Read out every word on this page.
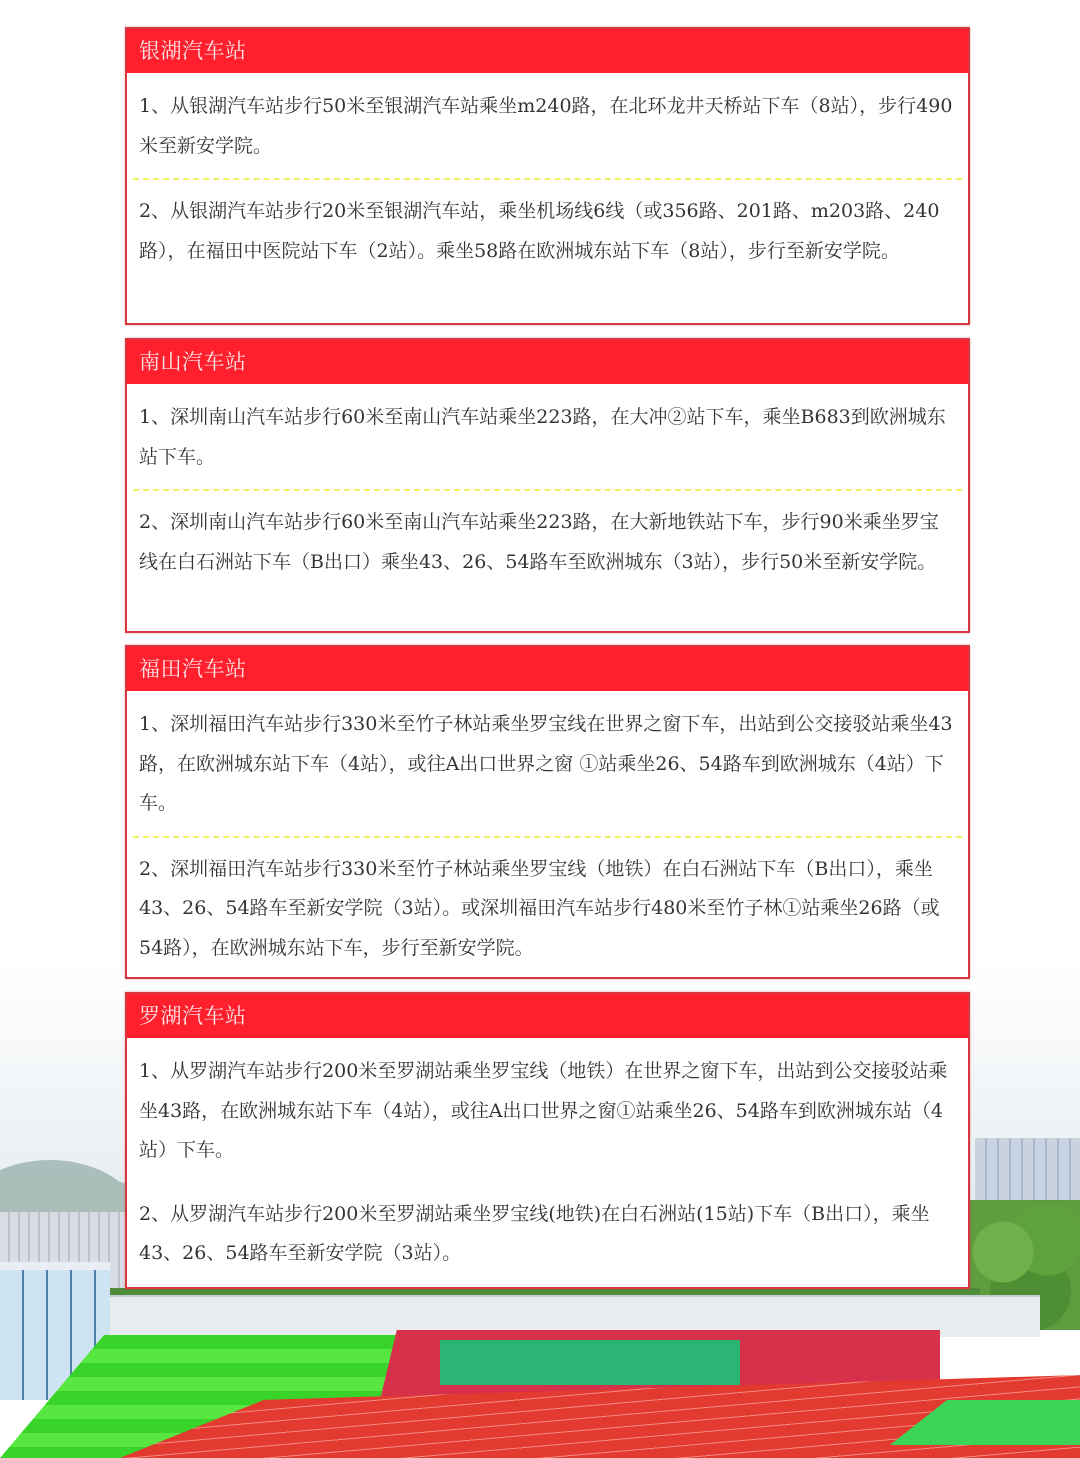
银湖汽车站
1、从银湖汽车站步行50米至银湖汽车站乘坐m240路，在北环龙井天桥站下车（8站），步行490米至新安学院。
2、从银湖汽车站步行20米至银湖汽车站，乘坐机场线6线（或356路、201路、m203路、240路），在福田中医院站下车（2站）。乘坐58路在欧洲城东站下车（8站），步行至新安学院。
南山汽车站
1、深圳南山汽车站步行60米至南山汽车站乘坐223路，在大冲②站下车，乘坐B683到欧洲城东站下车。
2、深圳南山汽车站步行60米至南山汽车站乘坐223路，在大新地铁站下车，步行90米乘坐罗宝线在白石洲站下车（B出口）乘坐43、26、54路车至欧洲城东（3站），步行50米至新安学院。
福田汽车站
1、深圳福田汽车站步行330米至竹子林站乘坐罗宝线在世界之窗下车，出站到公交接驳站乘坐43路，在欧洲城东站下车（4站），或往A出口世界之窗 ①站乘坐26、54路车到欧洲城东（4站）下车。
2、深圳福田汽车站步行330米至竹子林站乘坐罗宝线（地铁）在白石洲站下车（B出口），乘坐43、26、54路车至新安学院（3站）。或深圳福田汽车站步行480米至竹子林①站乘坐26路（或54路），在欧洲城东站下车，步行至新安学院。
罗湖汽车站
1、从罗湖汽车站步行200米至罗湖站乘坐罗宝线（地铁）在世界之窗下车，出站到公交接驳站乘坐43路，在欧洲城东站下车（4站），或往A出口世界之窗①站乘坐26、54路车到欧洲城东站（4站）下车。
2、从罗湖汽车站步行200米至罗湖站乘坐罗宝线(地铁)在白石洲站(15站)下车（B出口），乘坐43、26、54路车至新安学院（3站）。
